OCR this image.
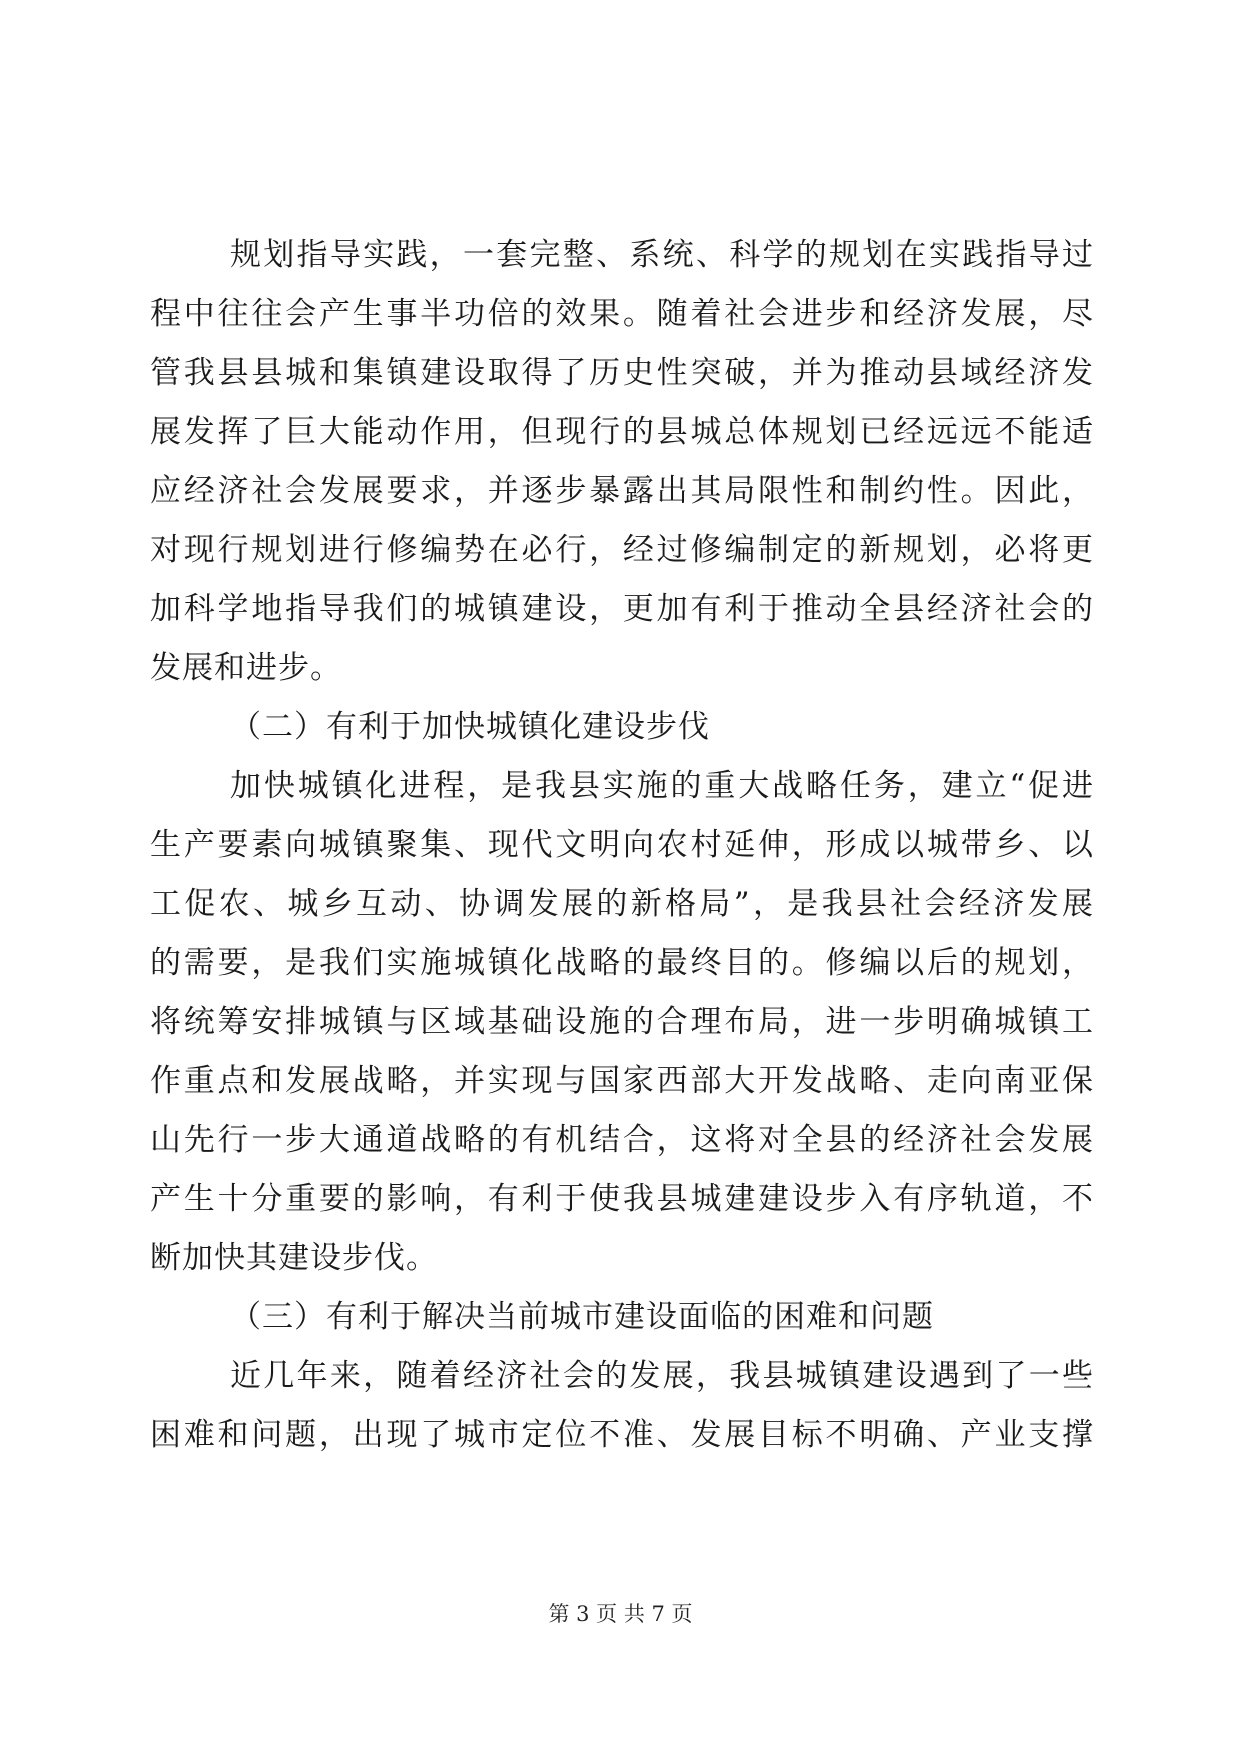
规划指导实践，一套完整、系统、科学的规划在实践指导过
程中往往会产生事半功倍的效果。随着社会进步和经济发展，尽
管我县县城和集镇建设取得了历史性突破，并为推动县域经济发
展发挥了巨大能动作用，但现行的县城总体规划已经远远不能适
应经济社会发展要求，并逐步暴露出其局限性和制约性。因此，
对现行规划进行修编势在必行，经过修编制定的新规划，必将更
加科学地指导我们的城镇建设，更加有利于推动全县经济社会的
发展和进步。
（二）有利于加快城镇化建设步伐
加快城镇化进程，是我县实施的重大战略任务，建立“促进
生产要素向城镇聚集、现代文明向农村延伸，形成以城带乡、以
工促农、城乡互动、协调发展的新格局”，是我县社会经济发展
的需要，是我们实施城镇化战略的最终目的。修编以后的规划，
将统筹安排城镇与区域基础设施的合理布局，进一步明确城镇工
作重点和发展战略，并实现与国家西部大开发战略、走向南亚保
山先行一步大通道战略的有机结合，这将对全县的经济社会发展
产生十分重要的影响，有利于使我县城建建设步入有序轨道，不
断加快其建设步伐。
（三）有利于解决当前城市建设面临的困难和问题
近几年来，随着经济社会的发展，我县城镇建设遇到了一些
困难和问题，出现了城市定位不准、发展目标不明确、产业支撑
第 3 页 共 7 页
